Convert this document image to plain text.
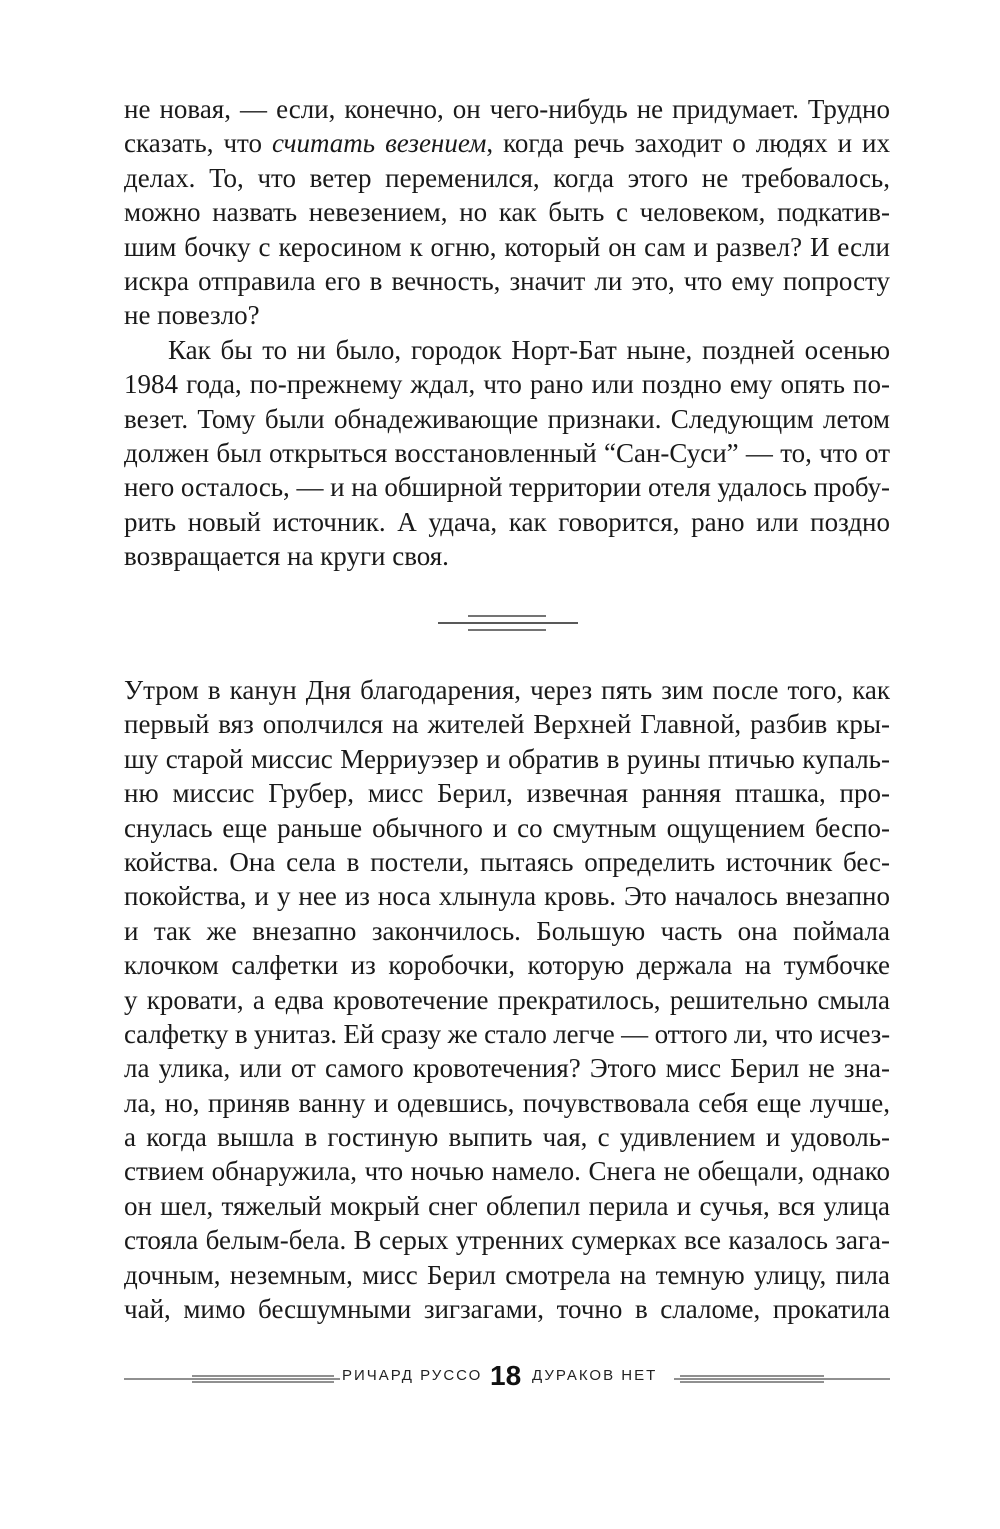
не новая, — если, конечно, он чего-нибудь не придумает. Трудно
сказать, что считать везением, когда речь заходит о людях и их
делах. То, что ветер переменился, когда этого не требовалось,
можно назвать невезением, но как быть с человеком, подкатив-
шим бочку с керосином к огню, который он сам и развел? И если
искра отправила его в вечность, значит ли это, что ему попросту
не повезло?
Как бы то ни было, городок Норт-Бат ныне, поздней осенью
1984 года, по-прежнему ждал, что рано или поздно ему опять по-
везет. Тому были обнадеживающие признаки. Следующим летом
должен был открыться восстановленный “Сан-Суси” — то, что от
него осталось, — и на обширной территории отеля удалось пробу-
рить новый источник. А удача, как говорится, рано или поздно
возвращается на круги своя.
Утром в канун Дня благодарения, через пять зим после того, как
первый вяз ополчился на жителей Верхней Главной, разбив кры-
шу старой миссис Мерриуэзер и обратив в руины птичью купаль-
ню миссис Грубер, мисс Берил, извечная ранняя пташка, про-
снулась еще раньше обычного и со смутным ощущением беспо-
койства. Она села в постели, пытаясь определить источник бес-
покойства, и у нее из носа хлынула кровь. Это началось внезапно
и так же внезапно закончилось. Большую часть она поймала
клочком салфетки из коробочки, которую держала на тумбочке
у кровати, а едва кровотечение прекратилось, решительно смыла
салфетку в унитаз. Ей сразу же стало легче — оттого ли, что исчез-
ла улика, или от самого кровотечения? Этого мисс Берил не зна-
ла, но, приняв ванну и одевшись, почувствовала себя еще лучше,
а когда вышла в гостиную выпить чая, с удивлением и удоволь-
ствием обнаружила, что ночью намело. Снега не обещали, однако
он шел, тяжелый мокрый снег облепил перила и сучья, вся улица
стояла белым-бела. В серых утренних сумерках все казалось зага-
дочным, неземным, мисс Берил смотрела на темную улицу, пила
чай, мимо бесшумными зигзагами, точно в слаломе, прокатила
РИЧАРД РУССО 18 ДУРАКОВ НЕТ
